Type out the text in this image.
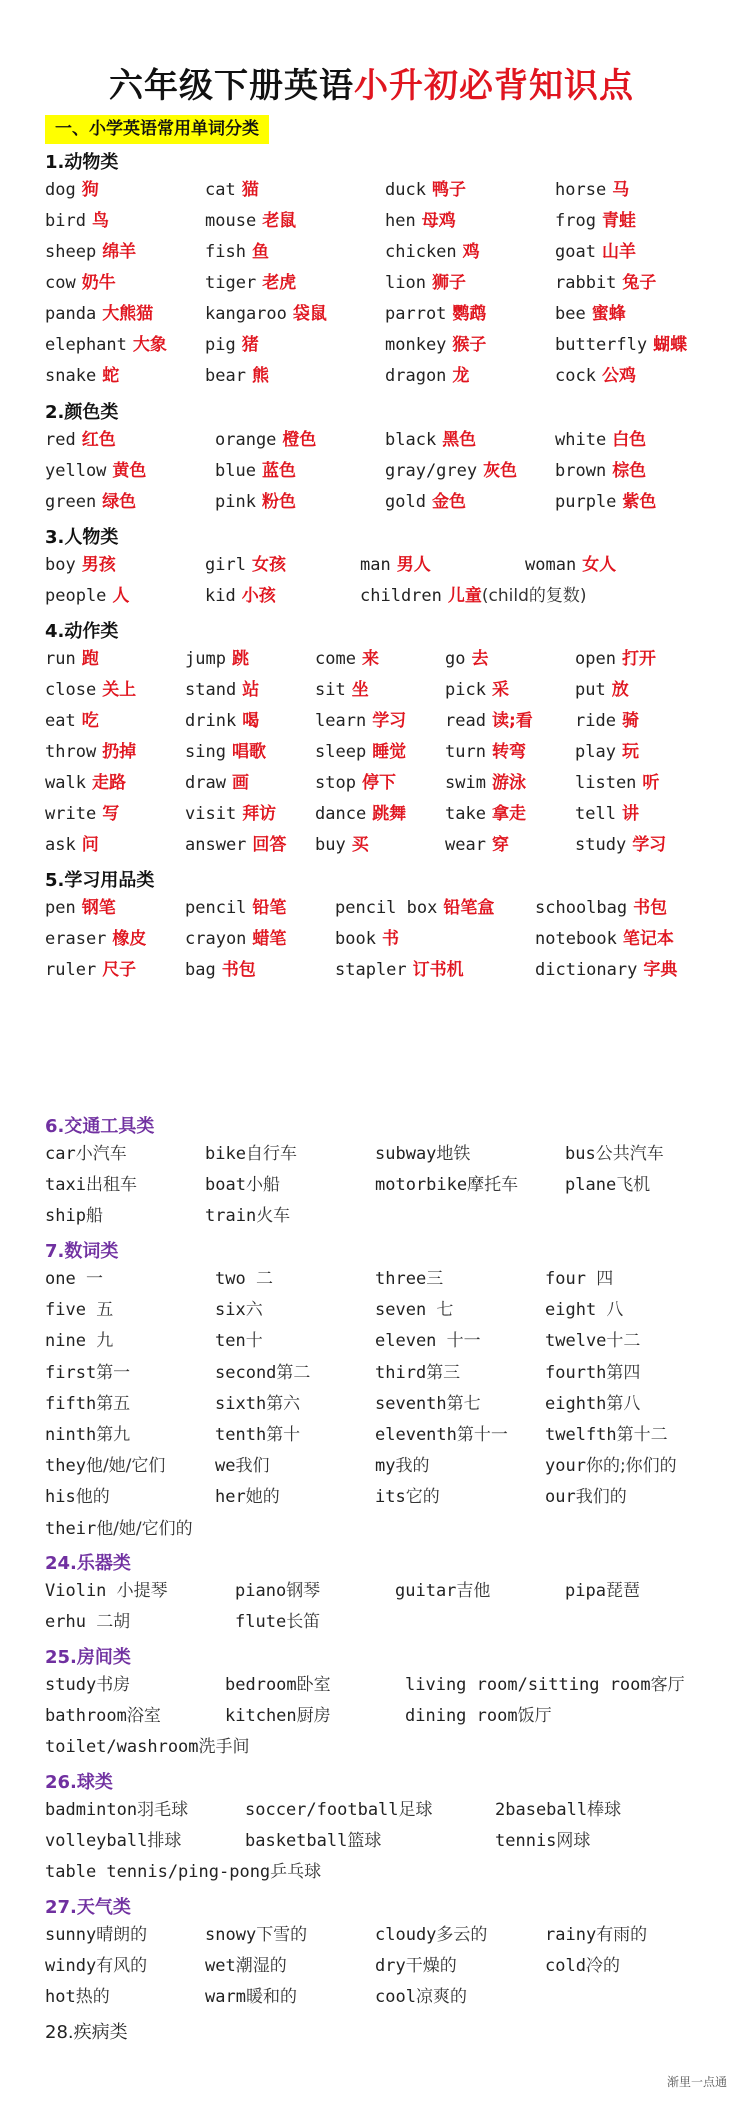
六年级下册英语小升初必背知识点
一、小学英语常用单词分类
1.动物类
dog 狗	cat 猫	duck 鸭子	horse 马
bird 鸟	mouse 老鼠	hen 母鸡	frog 青蛙
sheep 绵羊	fish 鱼	chicken 鸡	goat 山羊
cow 奶牛	tiger 老虎	lion 狮子	rabbit 兔子
panda 大熊猫	kangaroo 袋鼠	parrot 鹦鹉	bee 蜜蜂
elephant 大象 pig 猪	monkey 猴子	butterfly 蝴蝶
snake 蛇	bear 熊	dragon 龙	cock 公鸡
2.颜色类
red 红色	orange 橙色	black 黑色	white 白色
yellow 黄色	blue 蓝色	gray/grey 灰色 brown 棕色
green 绿色	pink 粉色	gold 金色	purple 紫色
3.人物类
boy 男孩	girl 女孩	man 男人	woman 女人
people 人	kid 小孩	children 儿童(child的复数)
4.动作类
run 跑	jump 跳	come 来	go 去	open 打开
close 关上	stand 站	sit 坐	pick 采	put 放
eat 吃	drink 喝	learn 学习 read 读;看 ride 骑
throw 扔掉	sing 唱歌	sleep 睡觉 turn 转弯	play 玩
walk 走路	draw 画	stop 停下	swim 游泳	listen 听
write 写	visit 拜访 dance 跳舞 take 拿走	tell 讲
ask 问	answer 回答 buy 买	wear 穿	study 学习
5.学习用品类
pen 钢笔	pencil 铅笔	pencil box 铅笔盒 schoolbag 书包
eraser 橡皮 crayon 蜡笔	book 书	notebook 笔记本
ruler 尺子	bag 书包	stapler 订书机	dictionary 字典
6.交通工具类
car小汽车	bike自行车	subway地铁	bus公共汽车
taxi出租车	boat小船	motorbike摩托车	plane飞机
ship船	train火车
7.数词类
one 一	two 二	three三	four 四
five 五	six六	seven 七	eight 八
nine 九	ten十	eleven 十一	twelve十二
first第一	second第二	third第三	fourth第四
fifth第五	sixth第六	seventh第七	eighth第八
ninth第九	tenth第十	eleventh第十一 twelfth第十二
they他/她/它们	we我们	my我的	your你的;你们的
his他的	her她的	its它的	our我们的
their他/她/它们的
24.乐器类
Violin 小提琴	piano钢琴	guitar吉他	pipa琵琶
erhu 二胡	flute长笛
25.房间类
study书房	bedroom卧室	living room/sitting room客厅
bathroom浴室	kitchen厨房	dining room饭厅
toilet/washroom洗手间
26.球类
badminton羽毛球	soccer/football足球	2baseball棒球
volleyball排球	basketball篮球	tennis网球
table tennis/ping-pong乒乓球
27.天气类
sunny晴朗的	snowy下雪的	cloudy多云的	rainy有雨的
windy有风的	wet潮湿的	dry干燥的	cold冷的
hot热的	warm暖和的	cool凉爽的
28.疾病类
渐里一点通
